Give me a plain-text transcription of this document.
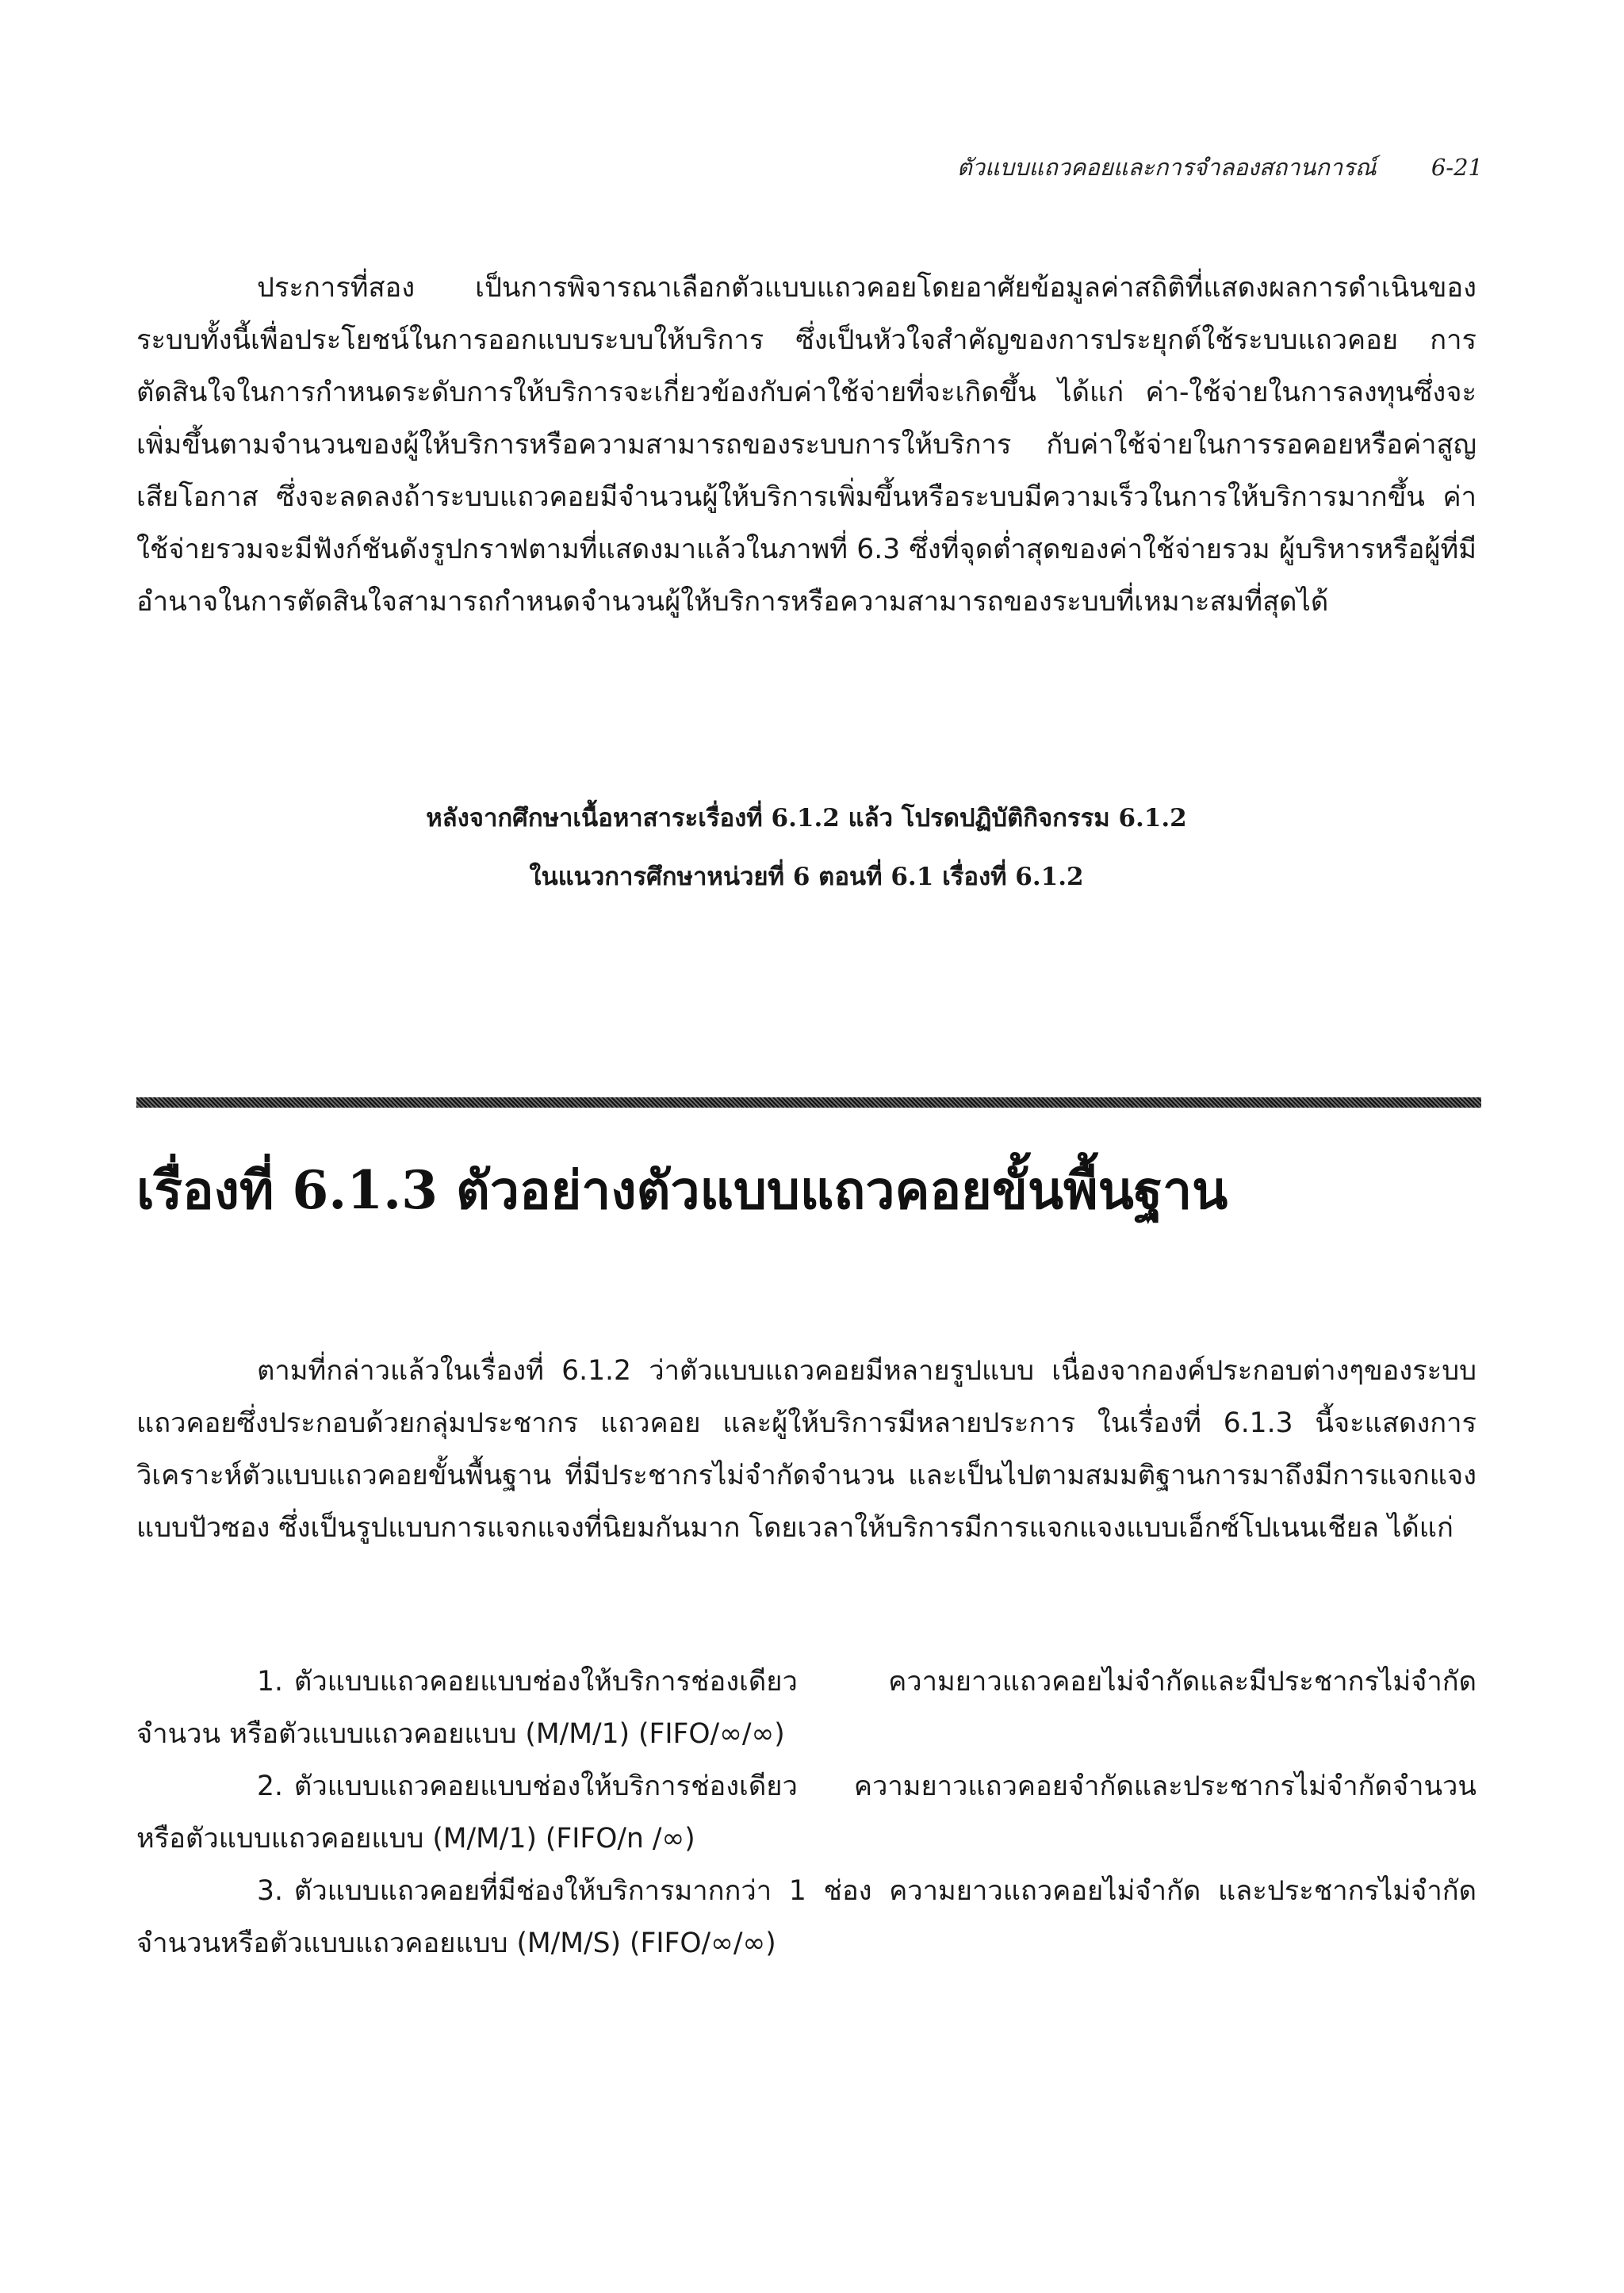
ตัวแบบแถวคอยและการจำลองสถานการณ์ 6-21

ประการที่สอง เป็นการพิจารณาเลือกตัวแบบแถวคอยโดยอาศัยข้อมูลค่าสถิติที่แสดงผลการดำเนินของระบบทั้งนี้เพื่อประโยชน์ในการออกแบบระบบให้บริการ ซึ่งเป็นหัวใจสำคัญของการประยุกต์ใช้ระบบแถวคอย การตัดสินใจในการกำหนดระดับการให้บริการจะเกี่ยวข้องกับค่าใช้จ่ายที่จะเกิดขึ้น ได้แก่ ค่า-ใช้จ่ายในการลงทุนซึ่งจะเพิ่มขึ้นตามจำนวนของผู้ให้บริการหรือความสามารถของระบบการให้บริการ กับค่าใช้จ่ายในการรอคอยหรือค่าสูญเสียโอกาส ซึ่งจะลดลงถ้าระบบแถวคอยมีจำนวนผู้ให้บริการเพิ่มขึ้นหรือระบบมีความเร็วในการให้บริการมากขึ้น ค่าใช้จ่ายรวมจะมีฟังก์ชันดังรูปกราฟตามที่แสดงมาแล้วในภาพที่ 6.3 ซึ่งที่จุดต่ำสุดของค่าใช้จ่ายรวม ผู้บริหารหรือผู้ที่มีอำนาจในการตัดสินใจสามารถกำหนดจำนวนผู้ให้บริการหรือความสามารถของระบบที่เหมาะสมที่สุดได้

หลังจากศึกษาเนื้อหาสาระเรื่องที่ 6.1.2 แล้ว โปรดปฏิบัติกิจกรรม 6.1.2
ในแนวการศึกษาหน่วยที่ 6 ตอนที่ 6.1 เรื่องที่ 6.1.2
เรื่องที่ 6.1.3 ตัวอย่างตัวแบบแถวคอยขั้นพื้นฐาน

ตามที่กล่าวแล้วในเรื่องที่ 6.1.2 ว่าตัวแบบแถวคอยมีหลายรูปแบบ เนื่องจากองค์ประกอบต่างๆของระบบแถวคอยซึ่งประกอบด้วยกลุ่มประชากร แถวคอย และผู้ให้บริการมีหลายประการ ในเรื่องที่ 6.1.3 นี้จะแสดงการวิเคราะห์ตัวแบบแถวคอยขั้นพื้นฐาน ที่มีประชากรไม่จำกัดจำนวน และเป็นไปตามสมมติฐานการมาถึงมีการแจกแจงแบบปัวซอง ซึ่งเป็นรูปแบบการแจกแจงที่นิยมกันมาก โดยเวลาให้บริการมีการแจกแจงแบบเอ็กซ์โปเนนเชียล ได้แก่

1. ตัวแบบแถวคอยแบบช่องให้บริการช่องเดียว ความยาวแถวคอยไม่จำกัดและมีประชากรไม่จำกัดจำนวน หรือตัวแบบแถวคอยแบบ (M/M/1) (FIFO/∞/∞)

2. ตัวแบบแถวคอยแบบช่องให้บริการช่องเดียว ความยาวแถวคอยจำกัดและประชากรไม่จำกัดจำนวน หรือตัวแบบแถวคอยแบบ (M/M/1) (FIFO/n /∞)

3. ตัวแบบแถวคอยที่มีช่องให้บริการมากกว่า 1 ช่อง ความยาวแถวคอยไม่จำกัด และประชากรไม่จำกัดจำนวนหรือตัวแบบแถวคอยแบบ (M/M/S) (FIFO/∞/∞)
